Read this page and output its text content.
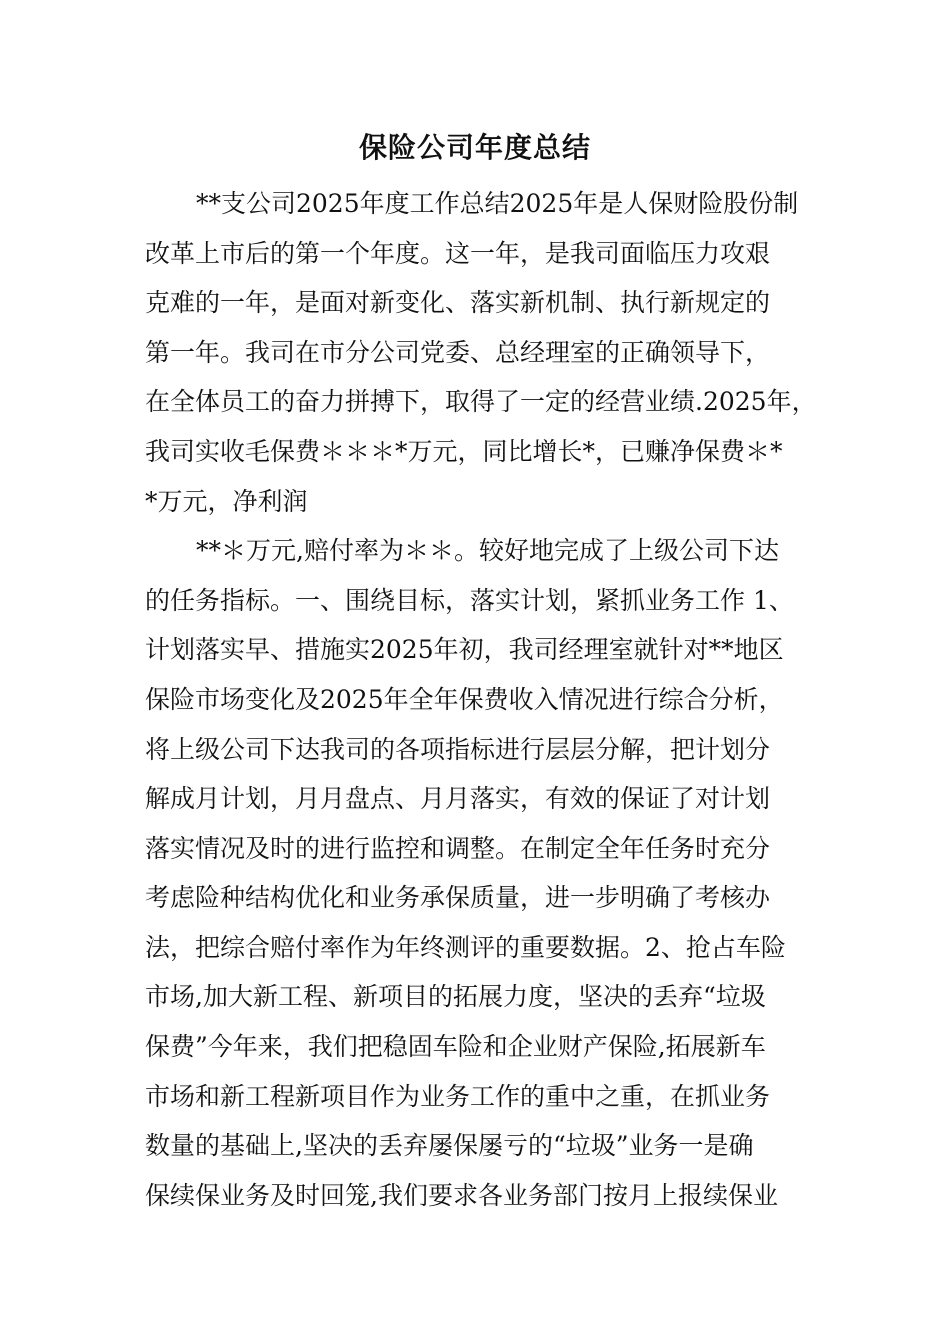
保险公司年度总结
**支公司2025年度工作总结2025年是人保财险股份制
改革上市后的第一个年度。这一年，是我司面临压力攻艰
克难的一年，是面对新变化、落实新机制、执行新规定的
第一年。我司在市分公司党委、总经理室的正确领导下，
在全体员工的奋力拼搏下，取得了一定的经营业绩.2025年，
我司实收毛保费＊＊＊*万元，同比增长*，已赚净保费＊*
*万元，净利润
**＊万元,赔付率为＊＊。较好地完成了上级公司下达
的任务指标。一、围绕目标，落实计划，紧抓业务工作 1、
计划落实早、措施实2025年初，我司经理室就针对**地区
保险市场变化及2025年全年保费收入情况进行综合分析，
将上级公司下达我司的各项指标进行层层分解，把计划分
解成月计划，月月盘点、月月落实，有效的保证了对计划
落实情况及时的进行监控和调整。在制定全年任务时充分
考虑险种结构优化和业务承保质量，进一步明确了考核办
法，把综合赔付率作为年终测评的重要数据。2、抢占车险
市场,加大新工程、新项目的拓展力度，坚决的丢弃“垃圾
保费”今年来，我们把稳固车险和企业财产保险,拓展新车
市场和新工程新项目作为业务工作的重中之重，在抓业务
数量的基础上,坚决的丢弃屡保屡亏的“垃圾”业务一是确
保续保业务及时回笼,我们要求各业务部门按月上报续保业
